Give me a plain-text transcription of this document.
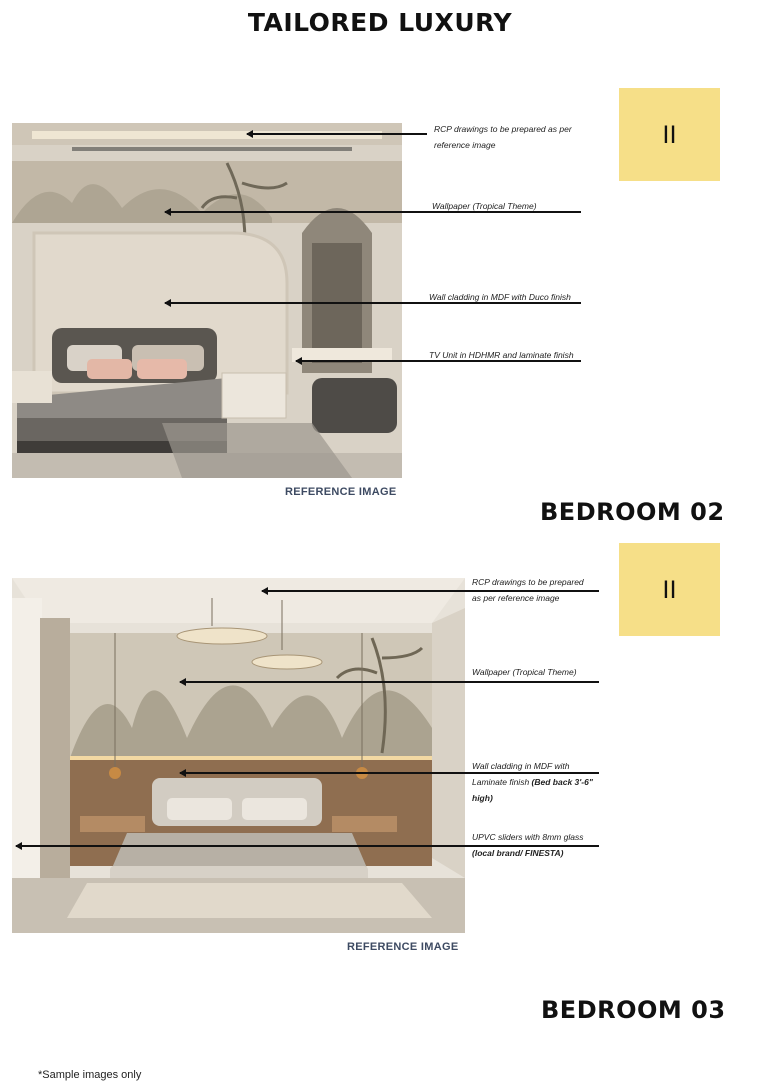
TAILORED LUXURY
RCP drawings to be prepared as per reference image
Wallpaper (Tropical Theme)
Wall cladding in MDF with Duco finish
TV Unit in HDHMR and laminate finish
II
REFERENCE IMAGE
BEDROOM 02
RCP drawings to be prepared as per reference image
Wallpaper (Tropical Theme)
Wall cladding in MDF with Laminate finish (Bed back 3'-6" high)
UPVC sliders with 8mm glass (local brand/ FINESTA)
II
REFERENCE IMAGE
BEDROOM 03
*Sample images only
